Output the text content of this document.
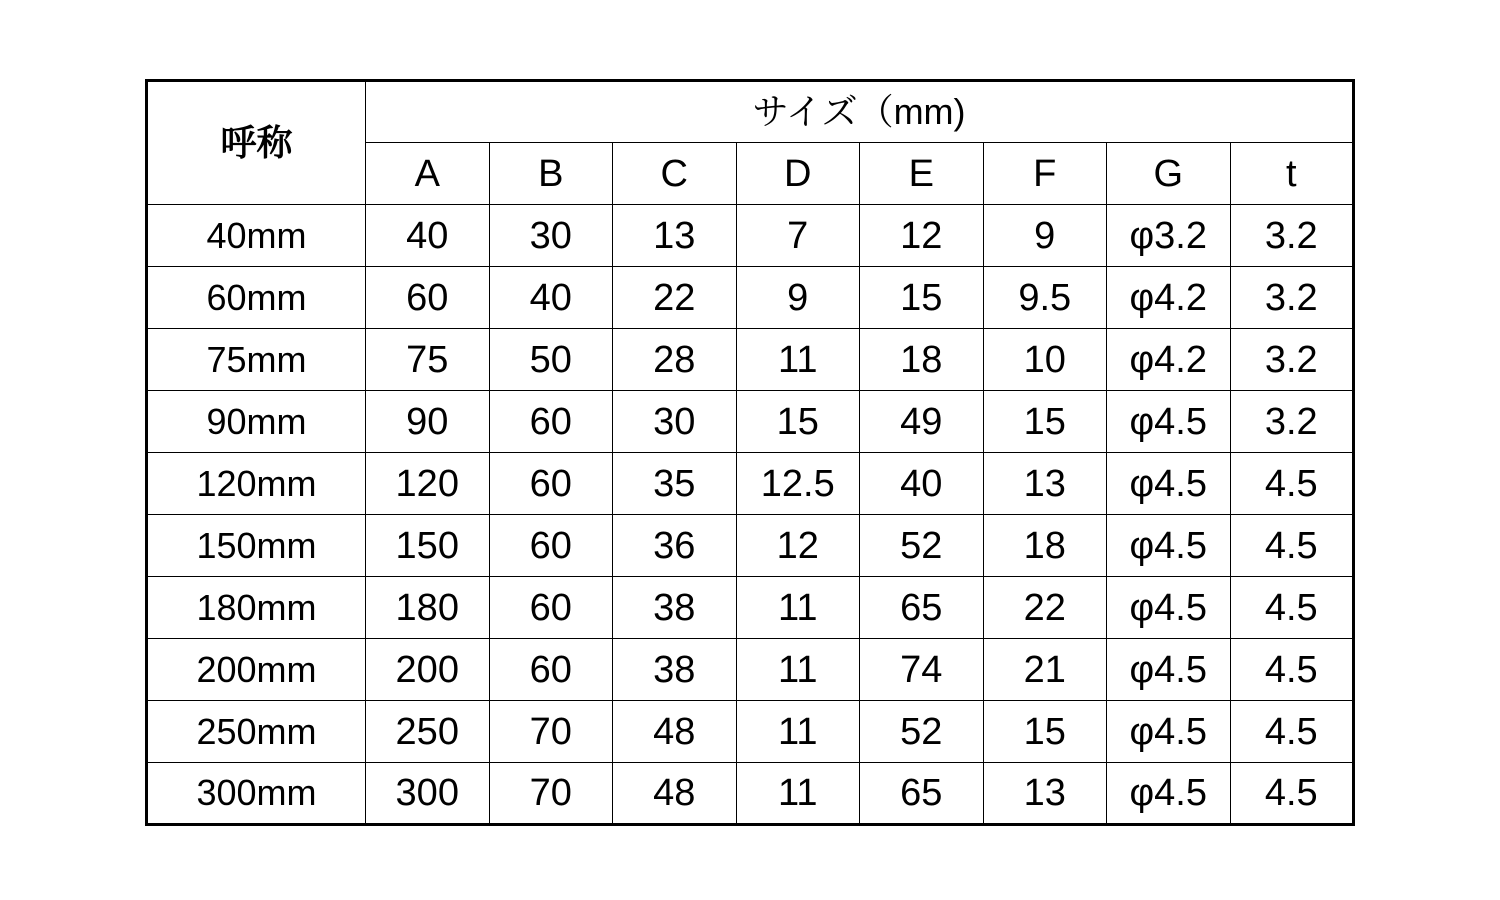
呼称	サイズ（mm)							
	A	B	C	D	E	F	G	t
40mm	40	30	13	7	12	9	φ3.2	3.2
60mm	60	40	22	9	15	9.5	φ4.2	3.2
75mm	75	50	28	11	18	10	φ4.2	3.2
90mm	90	60	30	15	49	15	φ4.5	3.2
120mm	120	60	35	12.5	40	13	φ4.5	4.5
150mm	150	60	36	12	52	18	φ4.5	4.5
180mm	180	60	38	11	65	22	φ4.5	4.5
200mm	200	60	38	11	74	21	φ4.5	4.5
250mm	250	70	48	11	52	15	φ4.5	4.5
300mm	300	70	48	11	65	13	φ4.5	4.5
